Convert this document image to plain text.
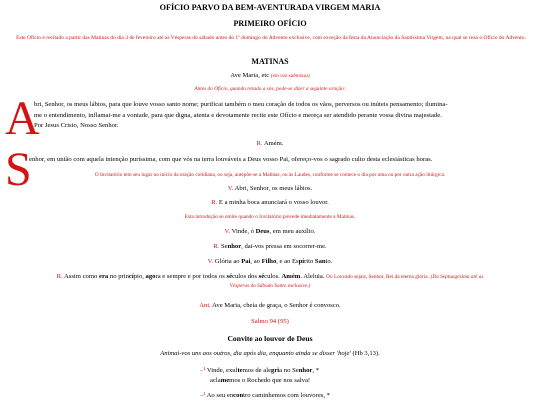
OFÍCIO PARVO DA BEM-AVENTURADA VIRGEM MARIA
PRIMEIRO OFÍCIO
Este Ofício é recitado a partir das Matinas do dia 3 de fevereiro até as Vésperas do sábado antes do 1º domingo do Advento exclusive, com exceção da festa da Anunciação da Santíssima Virgem, na qual se reza o Ofício do Advento.
MATINAS
Ave Maria, etc (em voz submissa)
Antes do Ofício, quando rezado a sós, pode-se dizer a seguinte oração:
A
bri, Senhor, os meus lábios, para que louve vosso santo nome; purificai também o meu coração de todos os vãos, perversos ou inúteis pensamento; ilumina-
me o entendimento, inflamai-me a vontade, para que digna, atenta e devotamente recite este Ofício e mereça ser atendido perante vossa divina majestade.
Por Jesus Cristo, Nosso Senhor.
R. Amém.
S
enhor, em união com aquela intenção puríssima, com que vós na terra louváveis a Deus vosso Pai, ofereço-vos o sagrado culto desta eclesiásticas horas.
O Invitatório tem seu lugar no início da oração cotidiana, ou seja, antepõe-se a Matinas, ou às Laudes, conforme se comece o dia por uma ou por outra ação litúrgica.
V. Abri, Senhor, os meus lábios.
R. E a minha boca anunciará o vosso louvor.
Esta introdução se omite quando o Invitatório precede imediatamente a Matinas.
V. Vinde, ó Deus, em meu auxílio.
R. Senhor, dai-vos pressa em socorrer-me.
V. Glória ao Pai, ao Filho, e ao Espírito Santo.
R. Assim como era no princípio, agora e sempre e por todos os séculos dos séculos. Amém. Aleluia. Ou Louvado sejais, Senhor, Rei da eterna glória. (Da Septuagésima até as
Vésperas do Sábado Santo exclusive.)
Ant. Ave Maria, cheia de graça, o Senhor é convosco.
Salmo 94 (95)
Convite ao louvor de Deus
Animai-vos uns aos outros, dia após dia, enquanto ainda se disser 'hoje' (Hb 3,13).
–¹ Vinde, exultemos de alegria no Senhor, *
aclamemos o Rochedo que nos salva!
–² Ao seu encontro caminhemos com louvores, *
